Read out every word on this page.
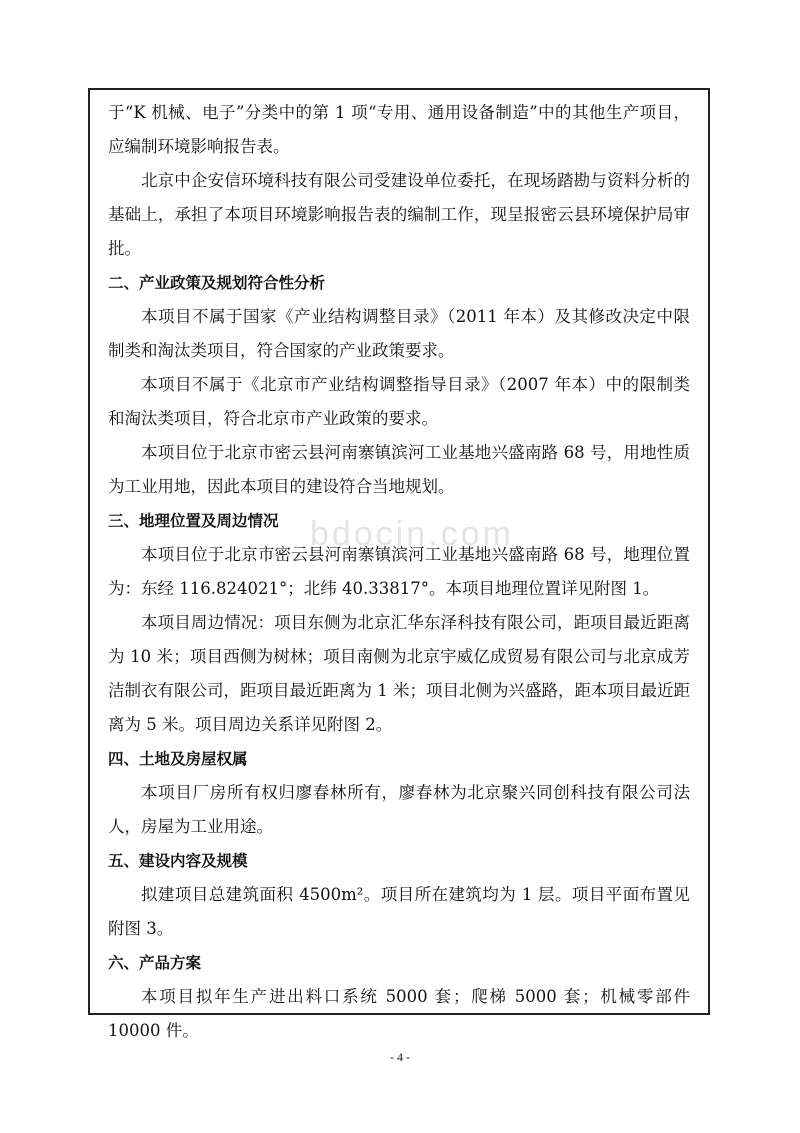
bdocin.com

于“K 机械、电子”分类中的第 1 项“专用、通用设备制造”中的其他生产项目，应编制环境影响报告表。

北京中企安信环境科技有限公司受建设单位委托，在现场踏勘与资料分析的基础上，承担了本项目环境影响报告表的编制工作，现呈报密云县环境保护局审批。

二、产业政策及规划符合性分析

本项目不属于国家《产业结构调整目录》（2011 年本）及其修改决定中限制类和淘汰类项目，符合国家的产业政策要求。

本项目不属于《北京市产业结构调整指导目录》（2007 年本）中的限制类和淘汰类项目，符合北京市产业政策的要求。

本项目位于北京市密云县河南寨镇滨河工业基地兴盛南路 68 号，用地性质为工业用地，因此本项目的建设符合当地规划。

三、地理位置及周边情况

本项目位于北京市密云县河南寨镇滨河工业基地兴盛南路 68 号，地理位置为：东经 116.824021°；北纬 40.33817°。本项目地理位置详见附图 1。

本项目周边情况：项目东侧为北京汇华东泽科技有限公司，距项目最近距离为 10 米；项目西侧为树林；项目南侧为北京宇威亿成贸易有限公司与北京成芳洁制衣有限公司，距项目最近距离为 1 米；项目北侧为兴盛路，距本项目最近距离为 5 米。项目周边关系详见附图 2。

四、土地及房屋权属

本项目厂房所有权归廖春林所有，廖春林为北京聚兴同创科技有限公司法人，房屋为工业用途。

五、建设内容及规模

拟建项目总建筑面积 4500m²。项目所在建筑均为 1 层。项目平面布置见附图 3。

六、产品方案

本项目拟年生产进出料口系统 5000 套；爬梯 5000 套；机械零部件 10000 件。

- 4 -
